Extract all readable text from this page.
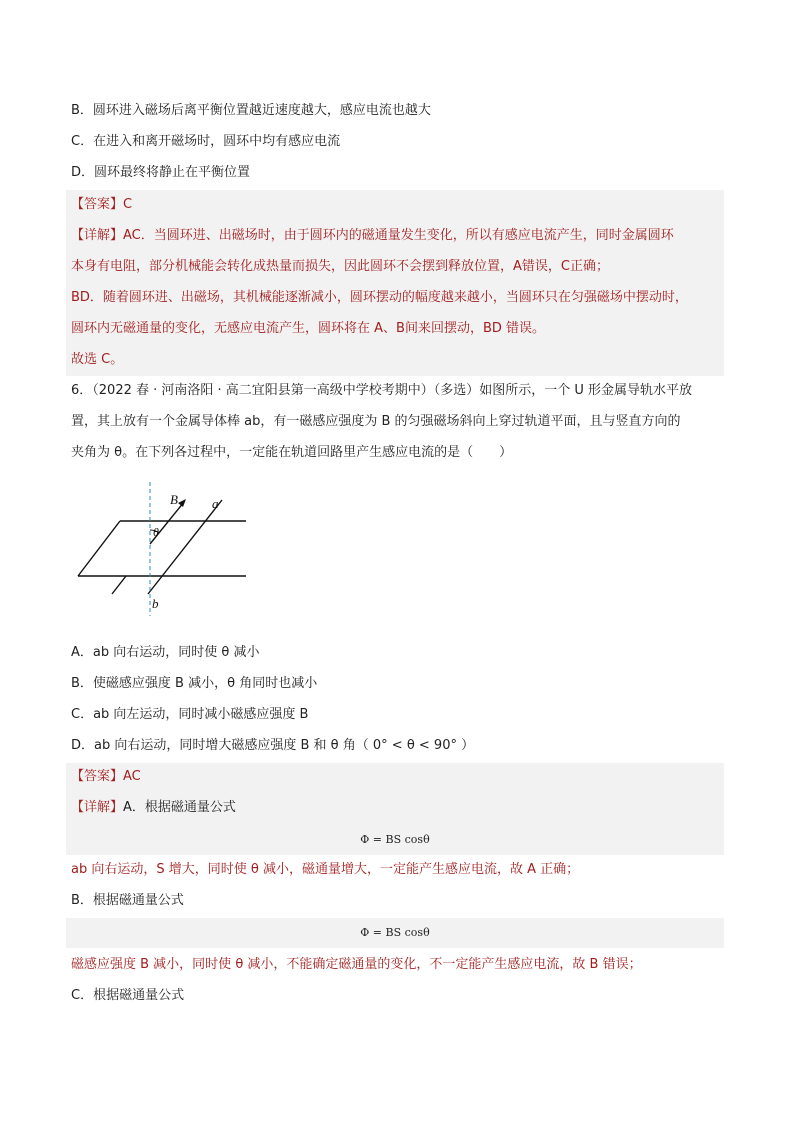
B．圆环进入磁场后离平衡位置越近速度越大，感应电流也越大
C．在进入和离开磁场时，圆环中均有感应电流
D．圆环最终将静止在平衡位置
【答案】C
【详解】AC．当圆环进、出磁场时，由于圆环内的磁通量发生变化，所以有感应电流产生，同时金属圆环
本身有电阻，部分机械能会转化成热量而损失，因此圆环不会摆到释放位置，A错误，C正确；
BD．随着圆环进、出磁场，其机械能逐渐减小，圆环摆动的幅度越来越小，当圆环只在匀强磁场中摆动时，
圆环内无磁通量的变化，无感应电流产生，圆环将在 A、B间来回摆动，BD 错误。
故选 C。
6．（2022 春 · 河南洛阳 · 高二宜阳县第一高级中学校考期中）（多选）如图所示，一个 U 形金属导轨水平放
置，其上放有一个金属导体棒 ab，有一磁感应强度为 B 的匀强磁场斜向上穿过轨道平面，且与竖直方向的
夹角为 θ。在下列各过程中，一定能在轨道回路里产生感应电流的是（　　）
B
θ
a
b
A．ab 向右运动，同时使 θ 减小
B．使磁感应强度 B 减小，θ 角同时也减小
C．ab 向左运动，同时减小磁感应强度 B
D．ab 向右运动，同时增大磁感应强度 B 和 θ 角（ 0° < θ < 90° ）
【答案】AC
【详解】A．根据磁通量公式
Φ = BS cosθ
ab 向右运动，S 增大，同时使 θ 减小，磁通量增大，一定能产生感应电流，故 A 正确；
B．根据磁通量公式
Φ = BS cosθ
磁感应强度 B 减小，同时使 θ 减小，不能确定磁通量的变化，不一定能产生感应电流，故 B 错误；
C．根据磁通量公式
